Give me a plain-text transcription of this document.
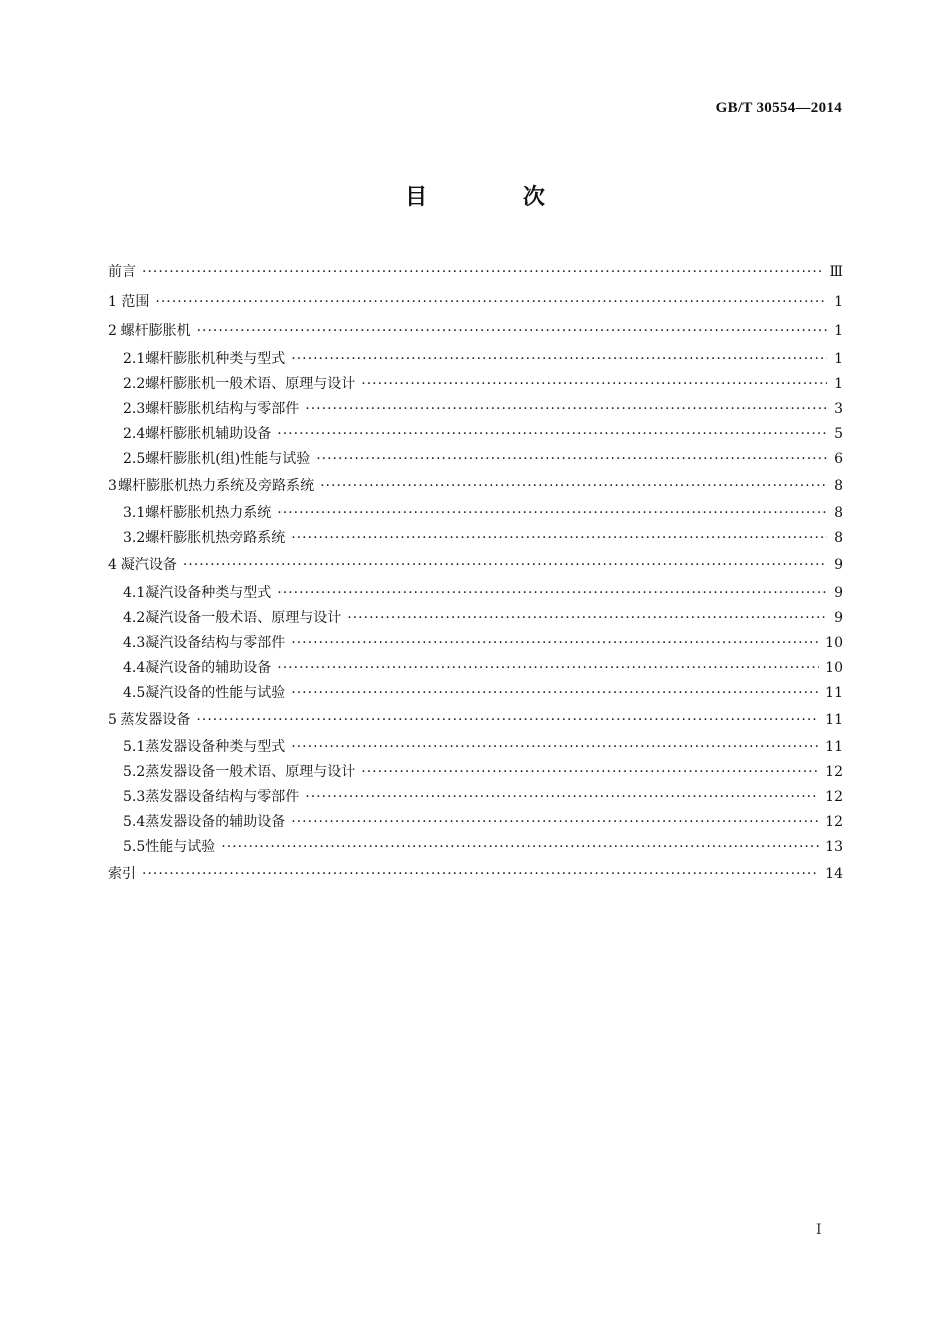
GB/T 30554—2014
目 次
前言 ·····	Ⅲ
1 范围 ·····	1
2 螺杆膨胀机 ·····	1
2.1 螺杆膨胀机种类与型式 ·····	1
2.2 螺杆膨胀机一般术语、原理与设计 ·····	1
2.3 螺杆膨胀机结构与零部件 ·····	3
2.4 螺杆膨胀机辅助设备 ·····	5
2.5 螺杆膨胀机(组)性能与试验 ·····	6
3 螺杆膨胀机热力系统及旁路系统 ·····	8
3.1 螺杆膨胀机热力系统 ·····	8
3.2 螺杆膨胀机热旁路系统 ·····	8
4 凝汽设备 ·····	9
4.1 凝汽设备种类与型式 ·····	9
4.2 凝汽设备一般术语、原理与设计 ·····	9
4.3 凝汽设备结构与零部件 ·····	10
4.4 凝汽设备的辅助设备 ·····	10
4.5 凝汽设备的性能与试验 ·····	11
5 蒸发器设备 ·····	11
5.1 蒸发器设备种类与型式 ·····	11
5.2 蒸发器设备一般术语、原理与设计 ·····	12
5.3 蒸发器设备结构与零部件 ·····	12
5.4 蒸发器设备的辅助设备 ·····	12
5.5 性能与试验 ·····	13
索引 ·····	14
I
